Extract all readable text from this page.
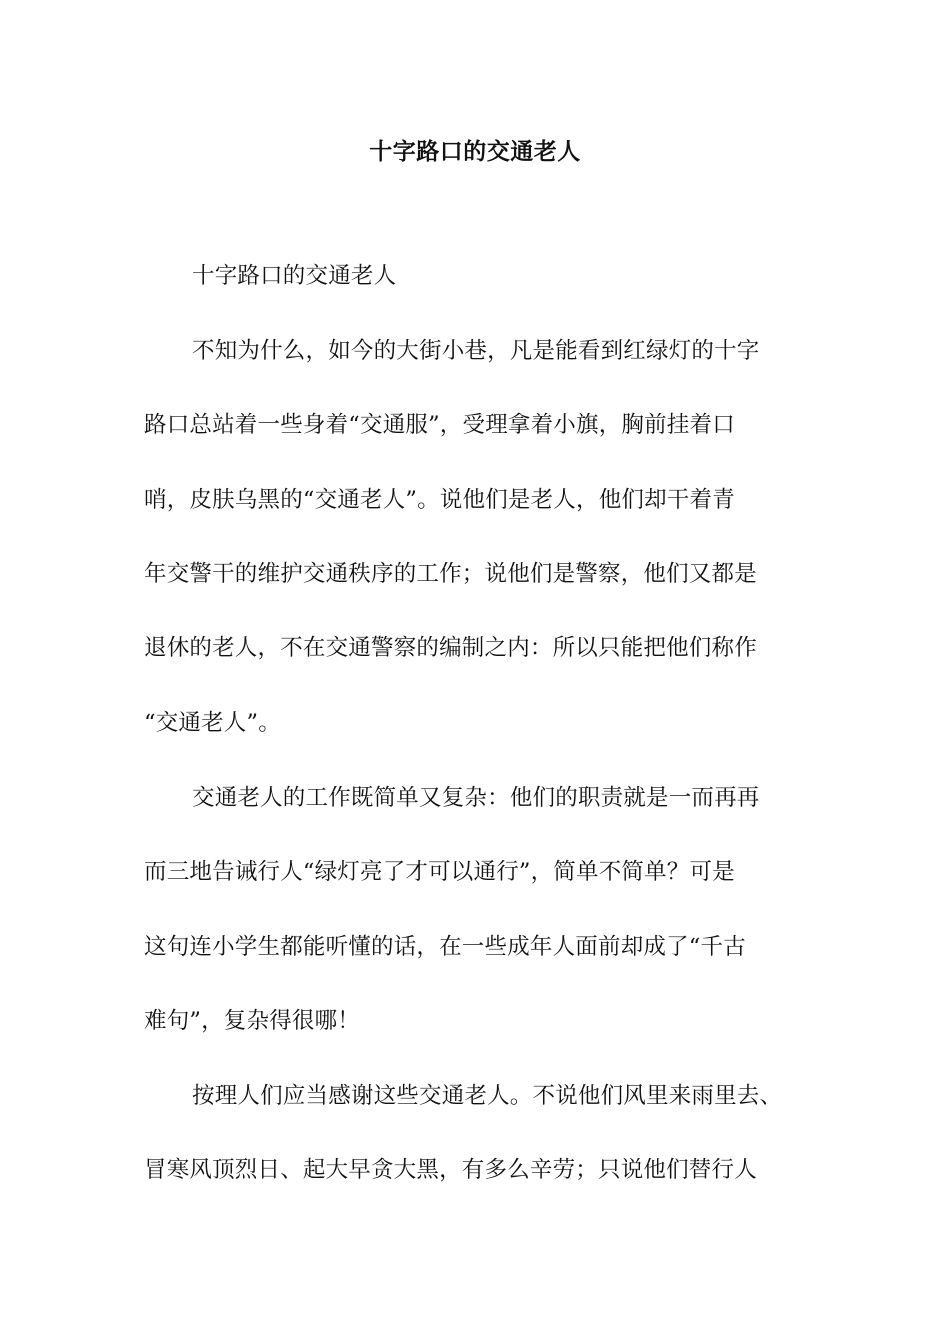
十字路口的交通老人
十字路口的交通老人
不知为什么，如今的大街小巷，凡是能看到红绿灯的十字
路口总站着一些身着“交通服”，受理拿着小旗，胸前挂着口
哨，皮肤乌黑的“交通老人”。说他们是老人，他们却干着青
年交警干的维护交通秩序的工作；说他们是警察，他们又都是
退休的老人，不在交通警察的编制之内：所以只能把他们称作
“交通老人”。
交通老人的工作既简单又复杂：他们的职责就是一而再再
而三地告诫行人“绿灯亮了才可以通行”，简单不简单？可是
这句连小学生都能听懂的话，在一些成年人面前却成了“千古
难句”，复杂得很哪！
按理人们应当感谢这些交通老人。不说他们风里来雨里去、
冒寒风顶烈日、起大早贪大黑，有多么辛劳；只说他们替行人
